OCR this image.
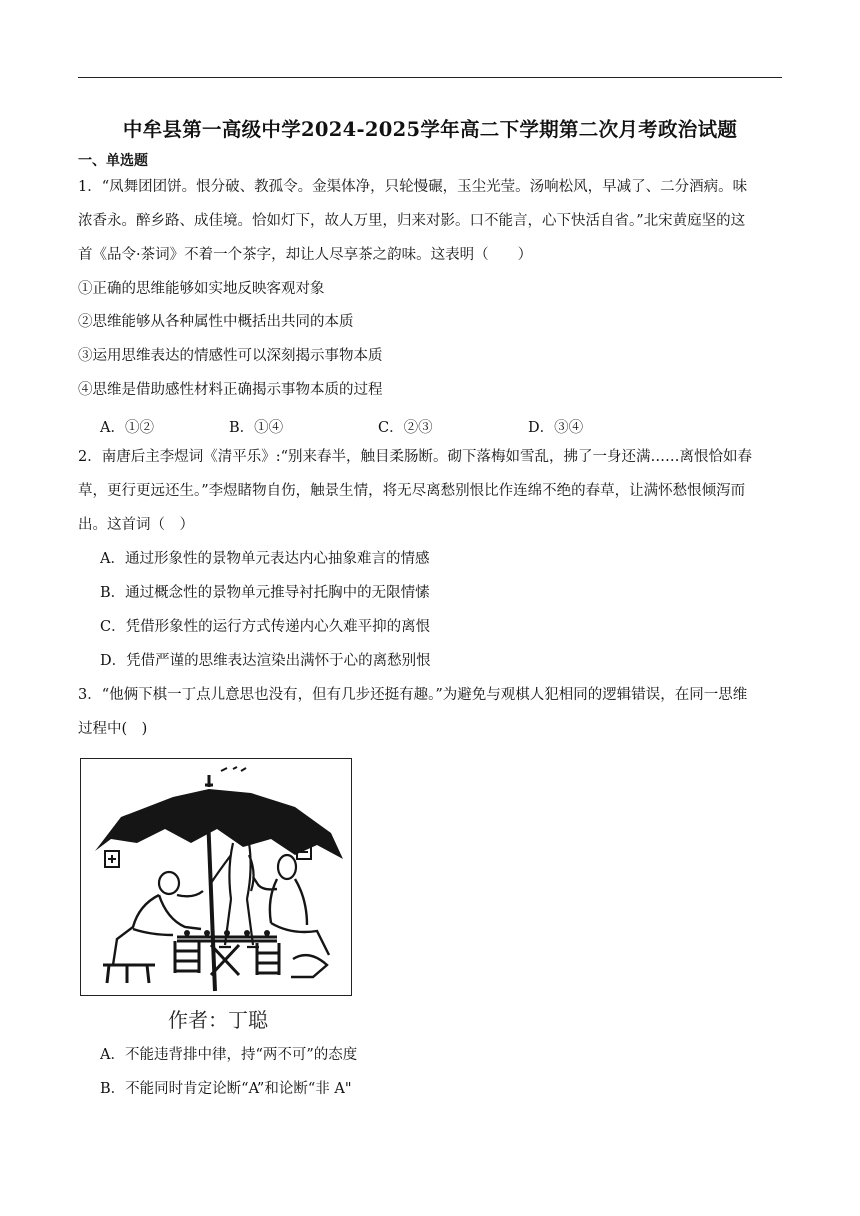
中牟县第一高级中学2024-2025学年高二下学期第二次月考政治试题
一、单选题
1．“凤舞团团饼。恨分破、教孤令。金渠体净，只轮慢碾，玉尘光莹。汤响松风，早减了、二分酒病。味
浓香永。醉乡路、成佳境。恰如灯下，故人万里，归来对影。口不能言，心下快活自省。”北宋黄庭坚的这
首《品令·茶词》不着一个茶字，却让人尽享茶之韵味。这表明（　　）
①正确的思维能够如实地反映客观对象
②思维能够从各种属性中概括出共同的本质
③运用思维表达的情感性可以深刻揭示事物本质
④思维是借助感性材料正确揭示事物本质的过程
A．①②	B．①④	C．②③	D．③④
2．南唐后主李煜词《清平乐》:“别来春半，触目柔肠断。砌下落梅如雪乱，拂了一身还满……离恨恰如春
草，更行更远还生。”李煜睹物自伤，触景生情，将无尽离愁别恨比作连绵不绝的春草，让满怀愁恨倾泻而
出。这首词（　）
A．通过形象性的景物单元表达内心抽象难言的情感
B．通过概念性的景物单元推导衬托胸中的无限情愫
C．凭借形象性的运行方式传递内心久难平抑的离恨
D．凭借严谨的思维表达渲染出满怀于心的离愁别恨
3．“他俩下棋一丁点儿意思也没有，但有几步还挺有趣。”为避免与观棋人犯相同的逻辑错误，在同一思维
过程中(　)
作者：丁聪
A．不能违背排中律，持“两不可”的态度
B．不能同时肯定论断“A”和论断“非 A"
